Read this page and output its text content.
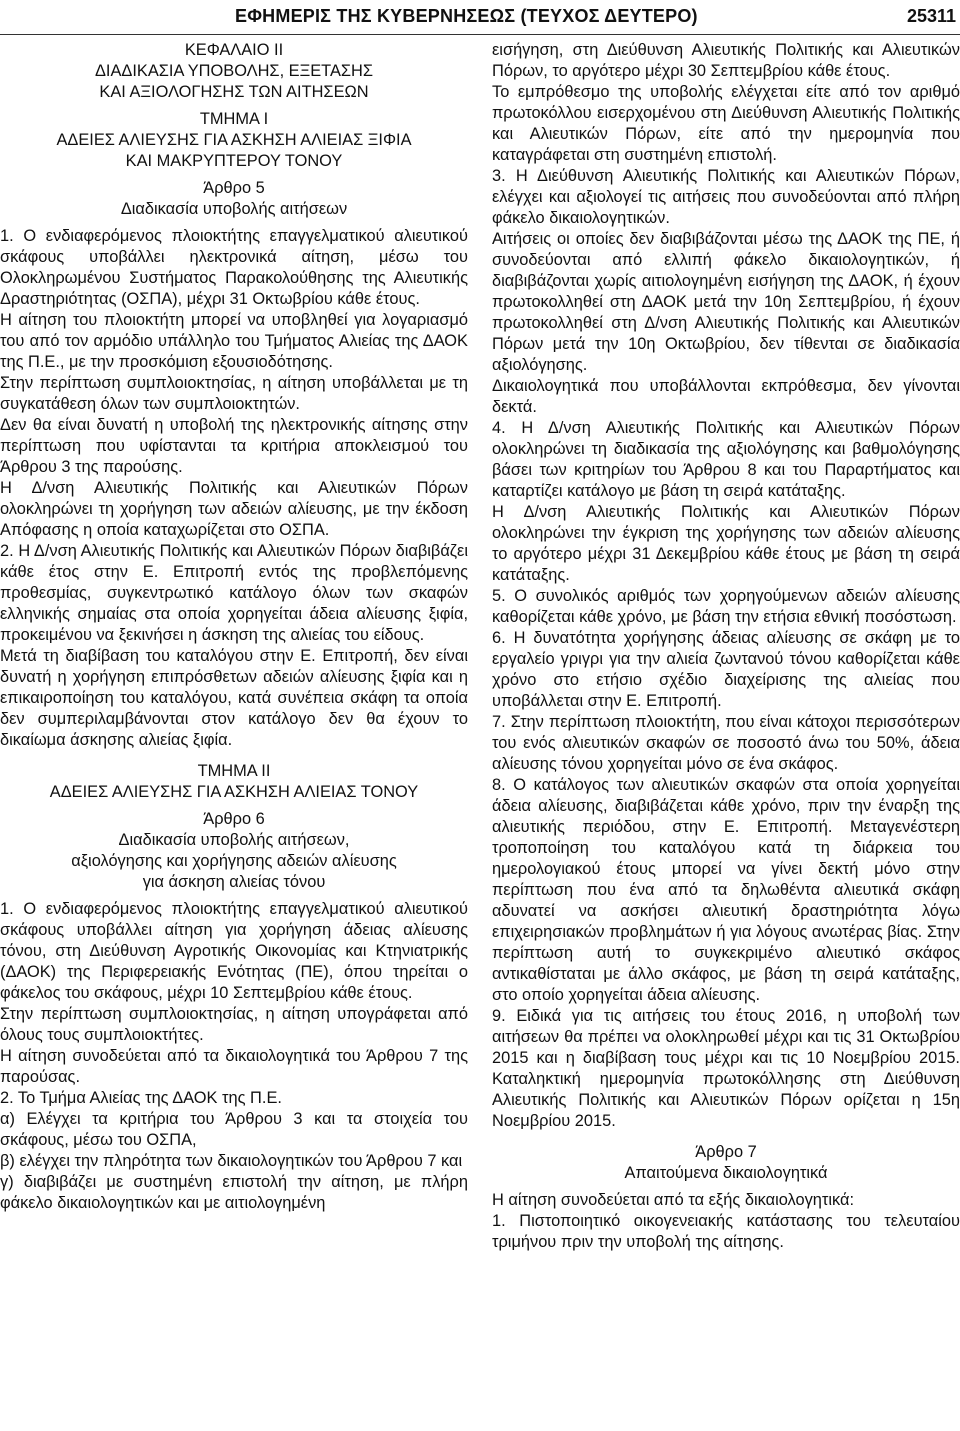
ΕΦΗΜΕΡΙΣ ΤΗΣ ΚΥΒΕΡΝΗΣΕΩΣ (ΤΕΥΧΟΣ ΔΕΥΤΕΡΟ)	25311

ΚΕΦΑΛΑΙΟ ΙΙ

ΔΙΑΔΙΚΑΣΙΑ ΥΠΟΒΟΛΗΣ, ΕΞΕΤΑΣΗΣ

ΚΑΙ ΑΞΙΟΛΟΓΗΣΗΣ ΤΩΝ ΑΙΤΗΣΕΩΝ

ΤΜΗΜΑ Ι

ΑΔΕΙΕΣ ΑΛΙΕΥΣΗΣ ΓΙΑ ΑΣΚΗΣΗ ΑΛΙΕΙΑΣ ΞΙΦΙΑ

ΚΑΙ ΜΑΚΡΥΠΤΕΡΟΥ ΤΟΝΟΥ

Άρθρο 5

Διαδικασία υποβολής αιτήσεων

1. Ο ενδιαφερόμενος πλοιοκτήτης επαγγελματικού αλιευτικού σκάφους υποβάλλει ηλεκτρονικά αίτηση, μέσω του Ολοκληρωμένου Συστήματος Παρακολούθησης της Αλιευτικής Δραστηριότητας (ΟΣΠΑ), μέχρι 31 Οκτωβρίου κάθε έτους.

Η αίτηση του πλοιοκτήτη μπορεί να υποβληθεί για λογαριασμό του από τον αρμόδιο υπάλληλο του Τμήματος Αλιείας της ΔΑΟΚ της Π.Ε., με την προσκόμιση εξουσιοδότησης.

Στην περίπτωση συμπλοιοκτησίας, η αίτηση υποβάλλεται με τη συγκατάθεση όλων των συμπλοιοκτητών.

Δεν θα είναι δυνατή η υποβολή της ηλεκτρονικής αίτησης στην περίπτωση που υφίστανται τα κριτήρια αποκλεισμού του Άρθρου 3 της παρούσης.

Η Δ/νση Αλιευτικής Πολιτικής και Αλιευτικών Πόρων ολοκληρώνει τη χορήγηση των αδειών αλίευσης, με την έκδοση Απόφασης η οποία καταχωρίζεται στο ΟΣΠΑ.

2. Η Δ/νση Αλιευτικής Πολιτικής και Αλιευτικών Πόρων διαβιβάζει κάθε έτος στην Ε. Επιτροπή εντός της προβλεπόμενης προθεσμίας, συγκεντρωτικό κατάλογο όλων των σκαφών ελληνικής σημαίας στα οποία χορηγείται άδεια αλίευσης ξιφία, προκειμένου να ξεκινήσει η άσκηση της αλιείας του είδους.

Μετά τη διαβίβαση του καταλόγου στην Ε. Επιτροπή, δεν είναι δυνατή η χορήγηση επιπρόσθετων αδειών αλίευσης ξιφία και η επικαιροποίηση του καταλόγου, κατά συνέπεια σκάφη τα οποία δεν συμπεριλαμβάνονται στον κατάλογο δεν θα έχουν το δικαίωμα άσκησης αλιείας ξιφία.

ΤΜΗΜΑ ΙΙ

ΑΔΕΙΕΣ ΑΛΙΕΥΣΗΣ ΓΙΑ ΑΣΚΗΣΗ ΑΛΙΕΙΑΣ ΤΟΝΟΥ

Άρθρο 6

Διαδικασία υποβολής αιτήσεων,

αξιολόγησης και χορήγησης αδειών αλίευσης

για άσκηση αλιείας τόνου

1. Ο ενδιαφερόμενος πλοιοκτήτης επαγγελματικού αλιευτικού σκάφους υποβάλλει αίτηση για χορήγηση άδειας αλίευσης τόνου, στη Διεύθυνση Αγροτικής Οικονομίας και Κτηνιατρικής (ΔΑΟΚ) της Περιφερειακής Ενότητας (ΠΕ), όπου τηρείται ο φάκελος του σκάφους, μέχρι 10 Σεπτεμβρίου κάθε έτους.

Στην περίπτωση συμπλοιοκτησίας, η αίτηση υπογράφεται από όλους τους συμπλοιοκτήτες.

Η αίτηση συνοδεύεται από τα δικαιολογητικά του Άρθρου 7 της παρούσας.

2. Το Τμήμα Αλιείας της ΔΑΟΚ της Π.Ε.

α) Ελέγχει τα κριτήρια του Άρθρου 3 και τα στοιχεία του σκάφους, μέσω του ΟΣΠΑ,

β) ελέγχει την πληρότητα των δικαιολογητικών του Άρθρου 7 και

γ) διαβιβάζει με συστημένη επιστολή την αίτηση, με πλήρη φάκελο δικαιολογητικών και με αιτιολογημένη

εισήγηση, στη Διεύθυνση Αλιευτικής Πολιτικής και Αλιευτικών Πόρων, το αργότερο μέχρι 30 Σεπτεμβρίου κάθε έτους.

Το εμπρόθεσμο της υποβολής ελέγχεται είτε από τον αριθμό πρωτοκόλλου εισερχομένου στη Διεύθυνση Αλιευτικής Πολιτικής και Αλιευτικών Πόρων, είτε από την ημερομηνία που καταγράφεται στη συστημένη επιστολή.

3. Η Διεύθυνση Αλιευτικής Πολιτικής και Αλιευτικών Πόρων, ελέγχει και αξιολογεί τις αιτήσεις που συνοδεύονται από πλήρη φάκελο δικαιολογητικών.

Αιτήσεις οι οποίες δεν διαβιβάζονται μέσω της ΔΑΟΚ της ΠΕ, ή συνοδεύονται από ελλιπή φάκελο δικαιολογητικών, ή διαβιβάζονται χωρίς αιτιολογημένη εισήγηση της ΔΑΟΚ, ή έχουν πρωτοκολληθεί στη ΔΑΟΚ μετά την 10η Σεπτεμβρίου, ή έχουν πρωτοκολληθεί στη Δ/νση Αλιευτικής Πολιτικής και Αλιευτικών Πόρων μετά την 10η Οκτωβρίου, δεν τίθενται σε διαδικασία αξιολόγησης.

Δικαιολογητικά που υποβάλλονται εκπρόθεσμα, δεν γίνονται δεκτά.

4. Η Δ/νση Αλιευτικής Πολιτικής και Αλιευτικών Πόρων ολοκληρώνει τη διαδικασία της αξιολόγησης και βαθμολόγησης βάσει των κριτηρίων του Άρθρου 8 και του Παραρτήματος και καταρτίζει κατάλογο με βάση τη σειρά κατάταξης.

Η Δ/νση Αλιευτικής Πολιτικής και Αλιευτικών Πόρων ολοκληρώνει την έγκριση της χορήγησης των αδειών αλίευσης το αργότερο μέχρι 31 Δεκεμβρίου κάθε έτους με βάση τη σειρά κατάταξης.

5. Ο συνολικός αριθμός των χορηγούμενων αδειών αλίευσης καθορίζεται κάθε χρόνο, με βάση την ετήσια εθνική ποσόστωση.

6. Η δυνατότητα χορήγησης άδειας αλίευσης σε σκάφη με το εργαλείο γριγρι για την αλιεία ζωντανού τόνου καθορίζεται κάθε χρόνο στο ετήσιο σχέδιο διαχείρισης της αλιείας που υποβάλλεται στην Ε. Επιτροπή.

7. Στην περίπτωση πλοιοκτήτη, που είναι κάτοχοι περισσότερων του ενός αλιευτικών σκαφών σε ποσοστό άνω του 50%, άδεια αλίευσης τόνου χορηγείται μόνο σε ένα σκάφος.

8. Ο κατάλογος των αλιευτικών σκαφών στα οποία χορηγείται άδεια αλίευσης, διαβιβάζεται κάθε χρόνο, πριν την έναρξη της αλιευτικής περιόδου, στην Ε. Επιτροπή. Μεταγενέστερη τροποποίηση του καταλόγου κατά τη διάρκεια του ημερολογιακού έτους μπορεί να γίνει δεκτή μόνο στην περίπτωση που ένα από τα δηλωθέντα αλιευτικά σκάφη αδυνατεί να ασκήσει αλιευτική δραστηριότητα λόγω επιχειρησιακών προβλημάτων ή για λόγους ανωτέρας βίας. Στην περίπτωση αυτή το συγκεκριμένο αλιευτικό σκάφος αντικαθίσταται με άλλο σκάφος, με βάση τη σειρά κατάταξης, στο οποίο χορηγείται άδεια αλίευσης.

9. Ειδικά για τις αιτήσεις του έτους 2016, η υποβολή των αιτήσεων θα πρέπει να ολοκληρωθεί μέχρι και τις 31 Οκτωβρίου 2015 και η διαβίβαση τους μέχρι και τις 10 Νοεμβρίου 2015. Καταληκτική ημερομηνία πρωτοκόλλησης στη Διεύθυνση Αλιευτικής Πολιτικής και Αλιευτικών Πόρων ορίζεται η 15η Νοεμβρίου 2015.

Άρθρο 7

Απαιτούμενα δικαιολογητικά

Η αίτηση συνοδεύεται από τα εξής δικαιολογητικά:

1. Πιστοποιητικό οικογενειακής κατάστασης του τελευταίου τριμήνου πριν την υποβολή της αίτησης.
